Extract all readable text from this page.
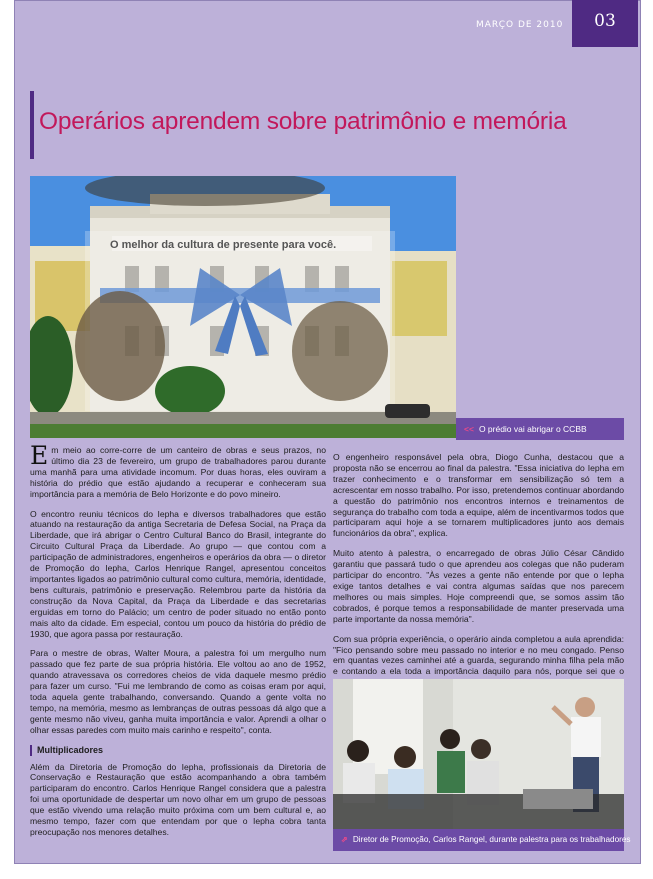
MARÇO DE 2010	03
Operários aprendem sobre patrimônio e memória
O melhor da cultura de presente para você.
<< O prédio vai abrigar o CCBB

Em meio ao corre-corre de um canteiro de obras e seus prazos, no último dia 23 de fevereiro, um grupo de trabalhadores parou durante uma manhã para uma atividade incomum. Por duas horas, eles ouviram a história do prédio que estão ajudando a recuperar e conheceram sua importância para a memória de Belo Horizonte e do povo mineiro.

O encontro reuniu técnicos do Iepha e diversos trabalhadores que estão atuando na restauração da antiga Secretaria de Defesa Social, na Praça da Liberdade, que irá abrigar o Centro Cultural Banco do Brasil, integrante do Circuito Cultural Praça da Liberdade. Ao grupo — que contou com a participação de administradores, engenheiros e operários da obra — o diretor de Promoção do Iepha, Carlos Henrique Rangel, apresentou conceitos importantes ligados ao patrimônio cultural como cultura, memória, identidade, bens culturais, patrimônio e preservação. Relembrou parte da história da construção da Nova Capital, da Praça da Liberdade e das secretarias erguidas em torno do Palácio; um centro de poder situado no então ponto mais alto da cidade. Em especial, contou um pouco da história do prédio de 1930, que agora passa por restauração.

Para o mestre de obras, Walter Moura, a palestra foi um mergulho num passado que fez parte de sua própria história. Ele voltou ao ano de 1952, quando atravessava os corredores cheios de vida daquele mesmo prédio para fazer um curso. "Fui me lembrando de como as coisas eram por aqui, toda aquela gente trabalhando, conversando. Quando a gente volta no tempo, na memória, mesmo as lembranças de outras pessoas dá algo que a gente mesmo não viveu, ganha muita importância e valor. Aprendi a olhar o olhar essas paredes com muito mais carinho e respeito", conta.

Multiplicadores

Além da Diretoria de Promoção do Iepha, profissionais da Diretoria de Conservação e Restauração que estão acompanhando a obra também participaram do encontro. Carlos Henrique Rangel considera que a palestra foi uma oportunidade de despertar um novo olhar em um grupo de pessoas que estão vivendo uma relação muito próxima com um bem cultural e, ao mesmo tempo, fazer com que entendam por que o Iepha cobra tanta preocupação nos menores detalhes.

O engenheiro responsável pela obra, Diogo Cunha, destacou que a proposta não se encerrou ao final da palestra. "Essa iniciativa do Iepha em trazer conhecimento e o transformar em sensibilização só tem a acrescentar em nosso trabalho. Por isso, pretendemos continuar abordando a questão do patrimônio nos encontros internos e treinamentos de segurança do trabalho com toda a equipe, além de incentivarmos todos que participaram aqui hoje a se tornarem multiplicadores junto aos demais funcionários da obra", explica.

Muito atento à palestra, o encarregado de obras Júlio César Cândido garantiu que passará tudo o que aprendeu aos colegas que não puderam participar do encontro. "Às vezes a gente não entende por que o Iepha exige tantos detalhes e vai contra algumas saídas que nos parecem melhores ou mais simples. Hoje compreendi que, se somos assim tão cobrados, é porque temos a responsabilidade de manter preservada uma parte importante da nossa memória".

Com sua própria experiência, o operário ainda completou a aula aprendida: "Fico pensando sobre meu passado no interior e no meu congado. Penso em quantas vezes caminhei até a guarda, segurando minha filha pela mão e contando a ela toda a importância daquilo para nós, porque sei que o

⇗ Diretor de Promoção, Carlos Rangel, durante palestra para os trabalhadores
